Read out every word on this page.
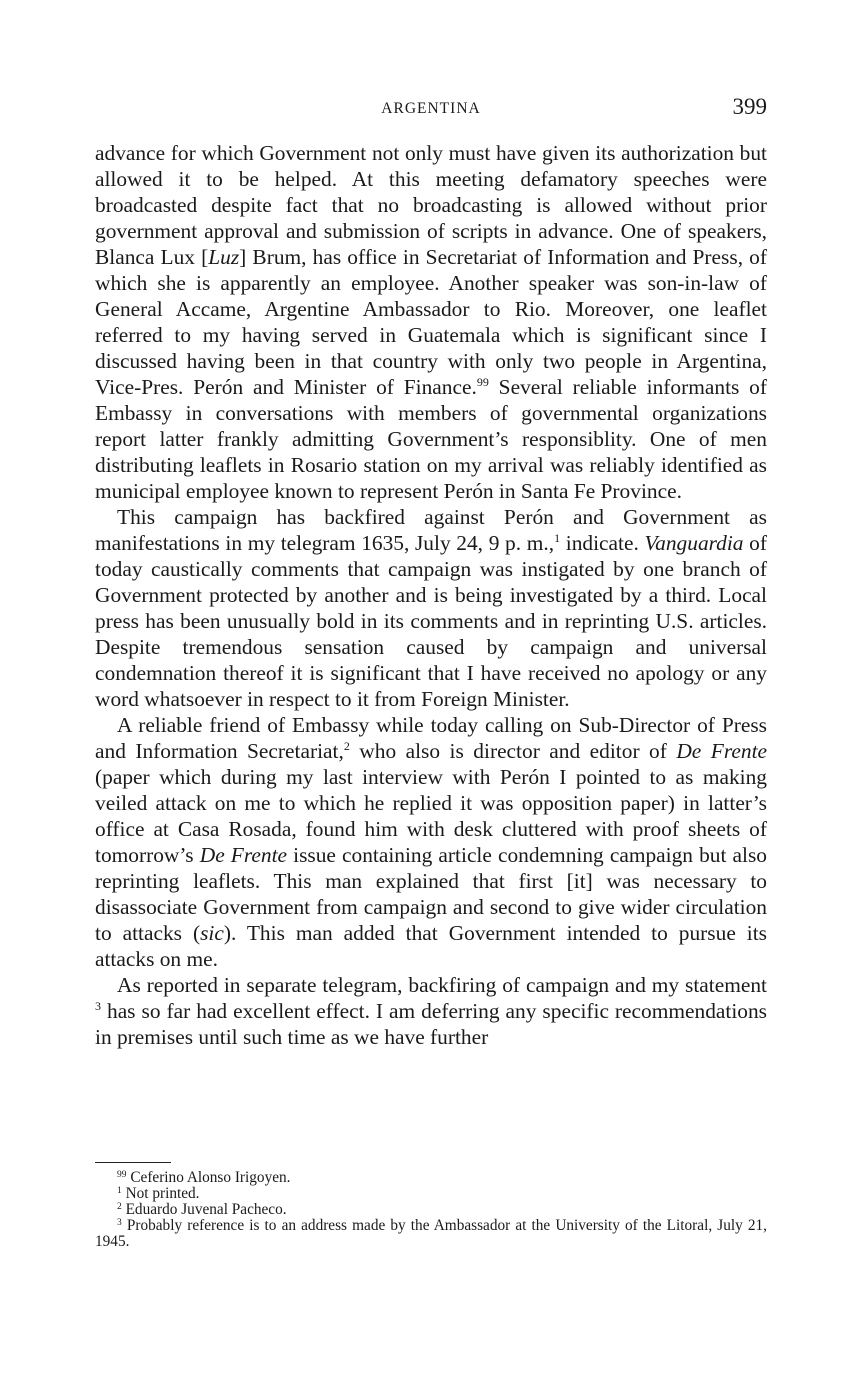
ARGENTINA	399

advance for which Government not only must have given its authorization but allowed it to be helped. At this meeting defamatory speeches were broadcasted despite fact that no broadcasting is allowed without prior government approval and submission of scripts in advance. One of speakers, Blanca Lux [Luz] Brum, has office in Secretariat of Information and Press, of which she is apparently an employee. Another speaker was son-in-law of General Accame, Argentine Ambassador to Rio. Moreover, one leaflet referred to my having served in Guatemala which is significant since I discussed having been in that country with only two people in Argentina, Vice-Pres. Perón and Minister of Finance.$^{99}$ Several reliable informants of Embassy in conversations with members of governmental organizations report latter frankly admitting Government’s responsiblity. One of men distributing leaflets in Rosario station on my arrival was reliably identified as municipal employee known to represent Perón in Santa Fe Province.

This campaign has backfired against Perón and Government as manifestations in my telegram 1635, July 24, 9 p. m.,$^1$ indicate. Vanguardia of today caustically comments that campaign was instigated by one branch of Government protected by another and is being investigated by a third. Local press has been unusually bold in its comments and in reprinting U.S. articles. Despite tremendous sensation caused by campaign and universal condemnation thereof it is significant that I have received no apology or any word whatsoever in respect to it from Foreign Minister.

A reliable friend of Embassy while today calling on Sub-Director of Press and Information Secretariat,$^2$ who also is director and editor of De Frente (paper which during my last interview with Perón I pointed to as making veiled attack on me to which he replied it was opposition paper) in latter’s office at Casa Rosada, found him with desk cluttered with proof sheets of tomorrow’s De Frente issue containing article condemning campaign but also reprinting leaflets. This man explained that first [it] was necessary to disassociate Government from campaign and second to give wider circulation to attacks (sic). This man added that Government intended to pursue its attacks on me.

As reported in separate telegram, backfiring of campaign and my statement $^3$ has so far had excellent effect. I am deferring any specific recommendations in premises until such time as we have further

$^{99}$ Ceferino Alonso Irigoyen.

$^1$ Not printed.

$^2$ Eduardo Juvenal Pacheco.

$^3$ Probably reference is to an address made by the Ambassador at the University of the Litoral, July 21, 1945.
